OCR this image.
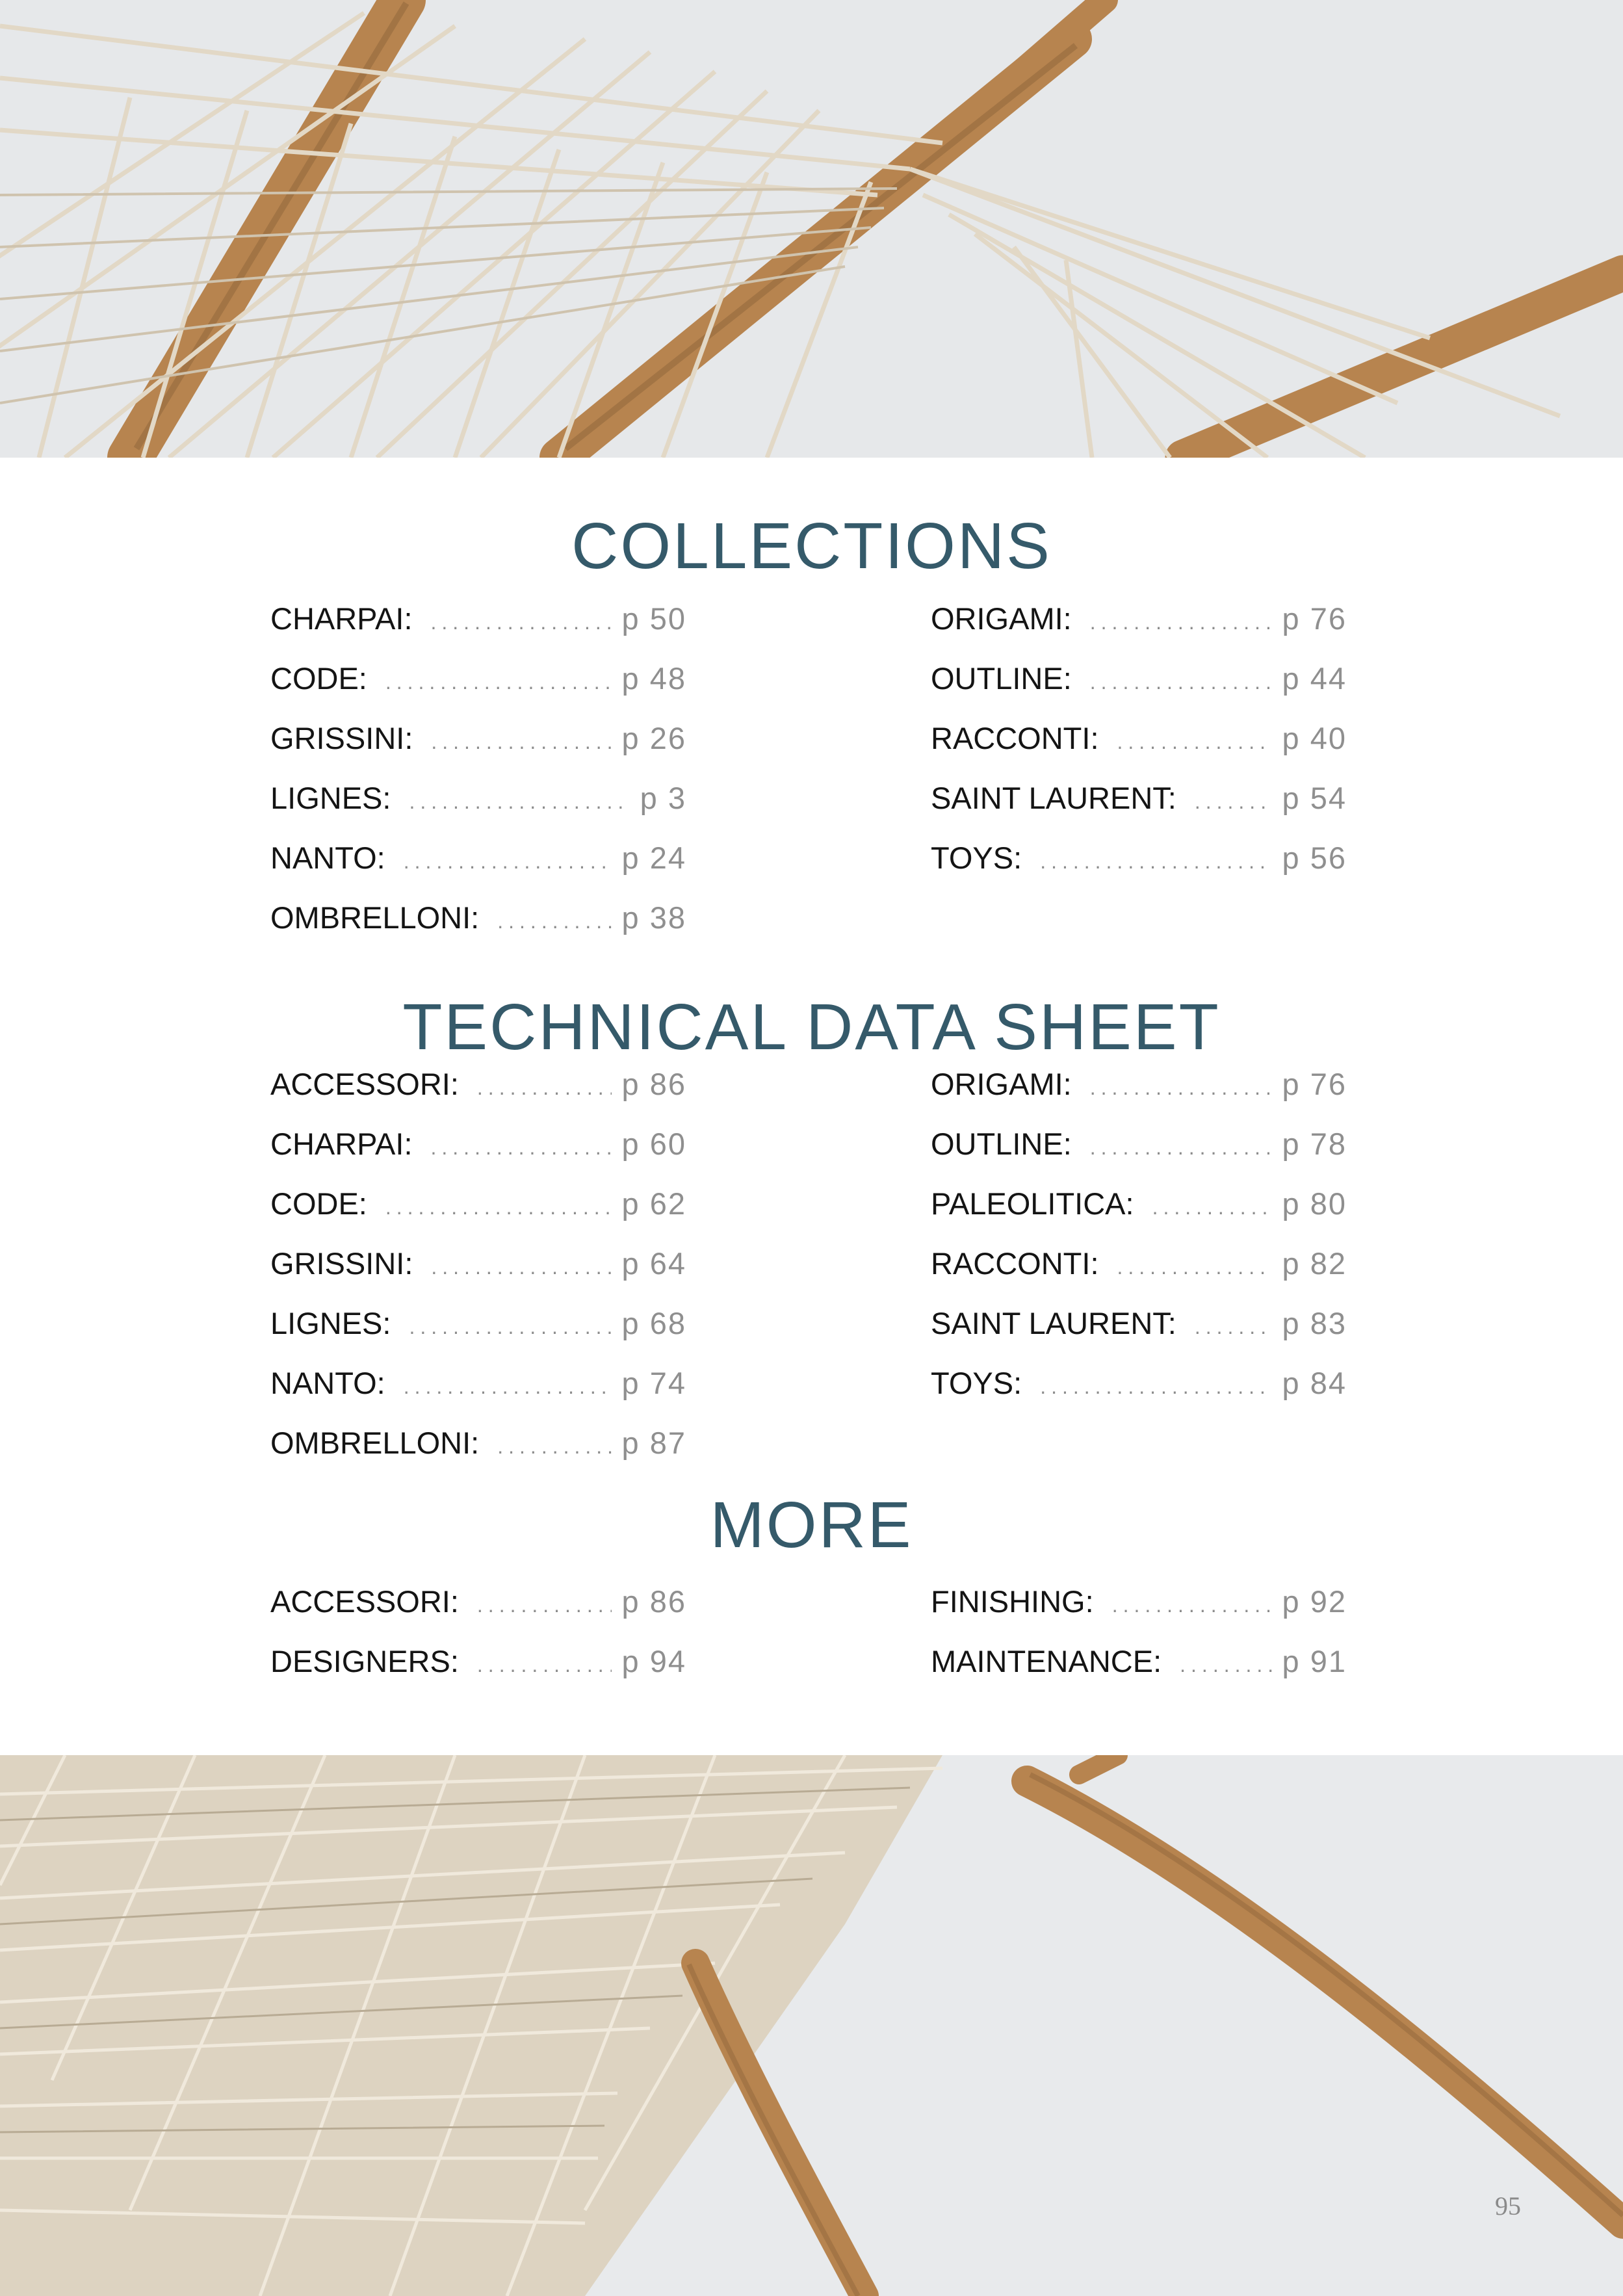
COLLECTIONS
CHARPAI: .....	p 50
CODE: .....	p 48
GRISSINI: .....	p 26
LIGNES: .....	p 3
NANTO: .....	p 24
OMBRELLONI: .....	p 38
ORIGAMI: .....	p 76
OUTLINE: .....	p 44
RACCONTI: .....	p 40
SAINT LAURENT: .....	p 54
TOYS: .....	p 56
TECHNICAL DATA SHEET
ACCESSORI: .....	p 86
CHARPAI: .....	p 60
CODE: .....	p 62
GRISSINI: .....	p 64
LIGNES: .....	p 68
NANTO: .....	p 74
OMBRELLONI: .....	p 87
ORIGAMI: .....	p 76
OUTLINE: .....	p 78
PALEOLITICA: .....	p 80
RACCONTI: .....	p 82
SAINT LAURENT: .....	p 83
TOYS: .....	p 84
MORE
ACCESSORI: .....	p 86
DESIGNERS: .....	p 94
FINISHING: .....	p 92
MAINTENANCE: .....	p 91
95
